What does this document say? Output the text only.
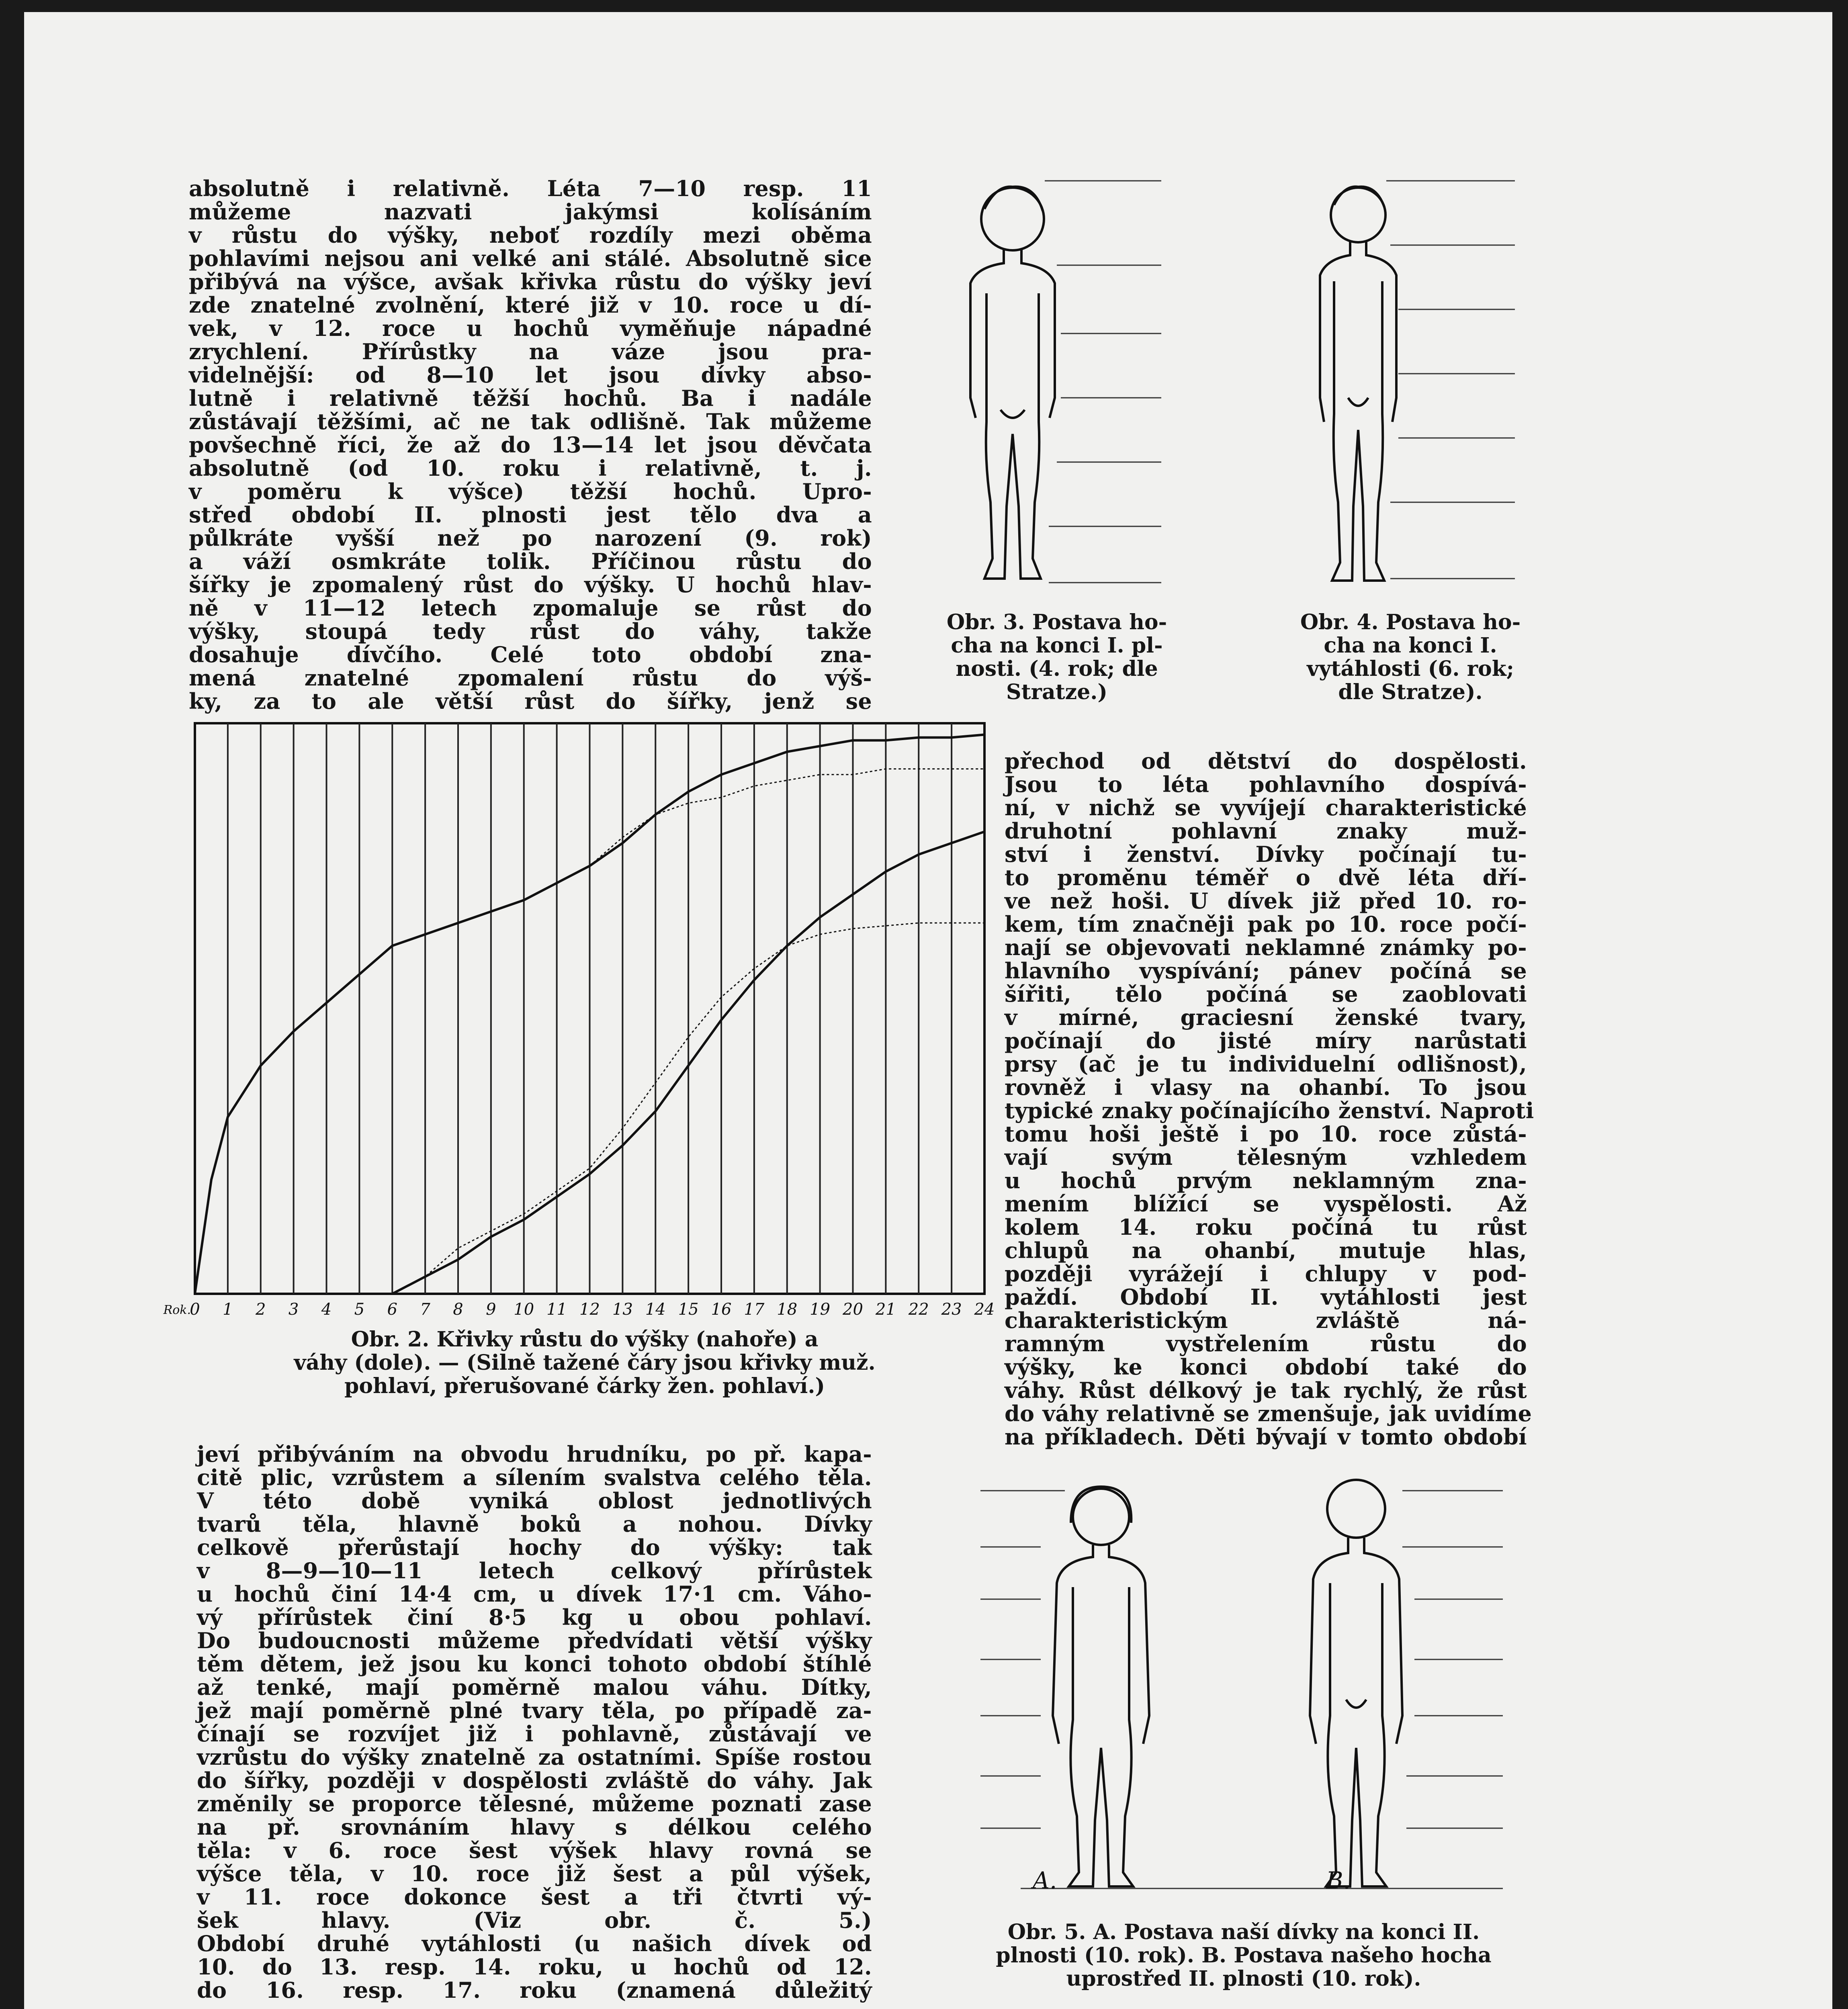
absolutně i relativně. Léta 7—10 resp. 11
můžeme nazvati jakýmsi kolísáním
v růstu do výšky, neboť rozdíly mezi oběma
pohlavími nejsou ani velké ani stálé. Absolutně sice
přibývá na výšce, avšak křivka růstu do výšky jeví
zde znatelné zvolnění, které již v 10. roce u dí-
vek, v 12. roce u hochů vyměňuje nápadné
zrychlení. Přírůstky na váze jsou pra-
videlnější: od 8—10 let jsou dívky abso-
lutně i relativně těžší hochů. Ba i nadále
zůstávají těžšími, ač ne tak odlišně. Tak můžeme
povšechně říci, že až do 13—14 let jsou děvčata
absolutně (od 10. roku i relativně, t. j.
v poměru k výšce) těžší hochů. Upro-
střed období II. plnosti jest tělo dva a
půlkráte vyšší než po narození (9. rok)
a váží osmkráte tolik. Příčinou růstu do
šířky je zpomalený růst do výšky. U hochů hlav-
ně v 11—12 letech zpomaluje se růst do
výšky, stoupá tedy růst do váhy, takže
dosahuje dívčího. Celé toto období zna-
mená znatelné zpomalení růstu do výš-
ky, za to ale větší růst do šířky, jenž se
Obr. 3. Postava ho-
cha na konci I. pl-
nosti. (4. rok; dle
Stratze.)
Obr. 4. Postava ho-
cha na konci I.
vytáhlosti (6. rok;
dle Stratze).
0 1 2 3 4 5 6 7 8 9 10 11 12 13 14 15 16 17 18 19 20 21 22 23 24
Rok.
Obr. 2. Křivky růstu do výšky (nahoře) a
váhy (dole). — (Silně tažené čáry jsou křivky muž.
pohlaví, přerušované čárky žen. pohlaví.)
přechod od dětství do dospělosti.
Jsou to léta pohlavního dospívá-
ní, v nichž se vyvíjejí charakteristické
druhotní pohlavní znaky muž-
ství i ženství. Dívky počínají tu-
to proměnu téměř o dvě léta dří-
ve než hoši. U dívek již před 10. ro-
kem, tím značněji pak po 10. roce počí-
nají se objevovati neklamné známky po-
hlavního vyspívání; pánev počíná se
šířiti, tělo počíná se zaoblovati
v mírné, graciesní ženské tvary,
počínají do jisté míry narůstati
prsy (ač je tu individuelní odlišnost),
rovněž i vlasy na ohanbí. To jsou
typické znaky počínajícího ženství. Naproti
tomu hoši ještě i po 10. roce zůstá-
vají svým tělesným vzhledem
u hochů prvým neklamným zna-
mením blížící se vyspělosti. Až
kolem 14. roku počíná tu růst
chlupů na ohanbí, mutuje hlas,
později vyrážejí i chlupy v pod-
paždí. Období II. vytáhlosti jest
charakteristickým zvláště ná-
ramným vystřelením růstu do
výšky, ke konci období také do
váhy. Růst délkový je tak rychlý, že růst
do váhy relativně se zmenšuje, jak uvidíme
na příkladech. Děti bývají v tomto období
jeví přibýváním na obvodu hrudníku, po př. kapa-
citě plic, vzrůstem a sílením svalstva celého těla.
V této době vyniká oblost jednotlivých
tvarů těla, hlavně boků a nohou. Dívky
celkově přerůstají hochy do výšky: tak
v 8—9—10—11 letech celkový přírůstek
u hochů činí 14·4 cm, u dívek 17·1 cm. Váho-
vý přírůstek činí 8·5 kg u obou pohlaví.
Do budoucnosti můžeme předvídati větší výšky
těm dětem, jež jsou ku konci tohoto období štíhlé
až tenké, mají poměrně malou váhu. Dítky,
jež mají poměrně plné tvary těla, po případě za-
čínají se rozvíjet již i pohlavně, zůstávají ve
vzrůstu do výšky znatelně za ostatními. Spíše rostou
do šířky, později v dospělosti zvláště do váhy. Jak
změnily se proporce tělesné, můžeme poznati zase
na př. srovnáním hlavy s délkou celého
těla: v 6. roce šest výšek hlavy rovná se
výšce těla, v 10. roce již šest a půl výšek,
v 11. roce dokonce šest a tři čtvrti vý-
šek hlavy. (Viz obr. č. 5.)
Období druhé vytáhlosti (u našich dívek od
10. do 13. resp. 14. roku, u hochů od 12.
do 16. resp. 17. roku (znamená důležitý
A.	B.
Obr. 5. A. Postava naší dívky na konci II.
plnosti (10. rok). B. Postava našeho hocha
uprostřed II. plnosti (10. rok).
